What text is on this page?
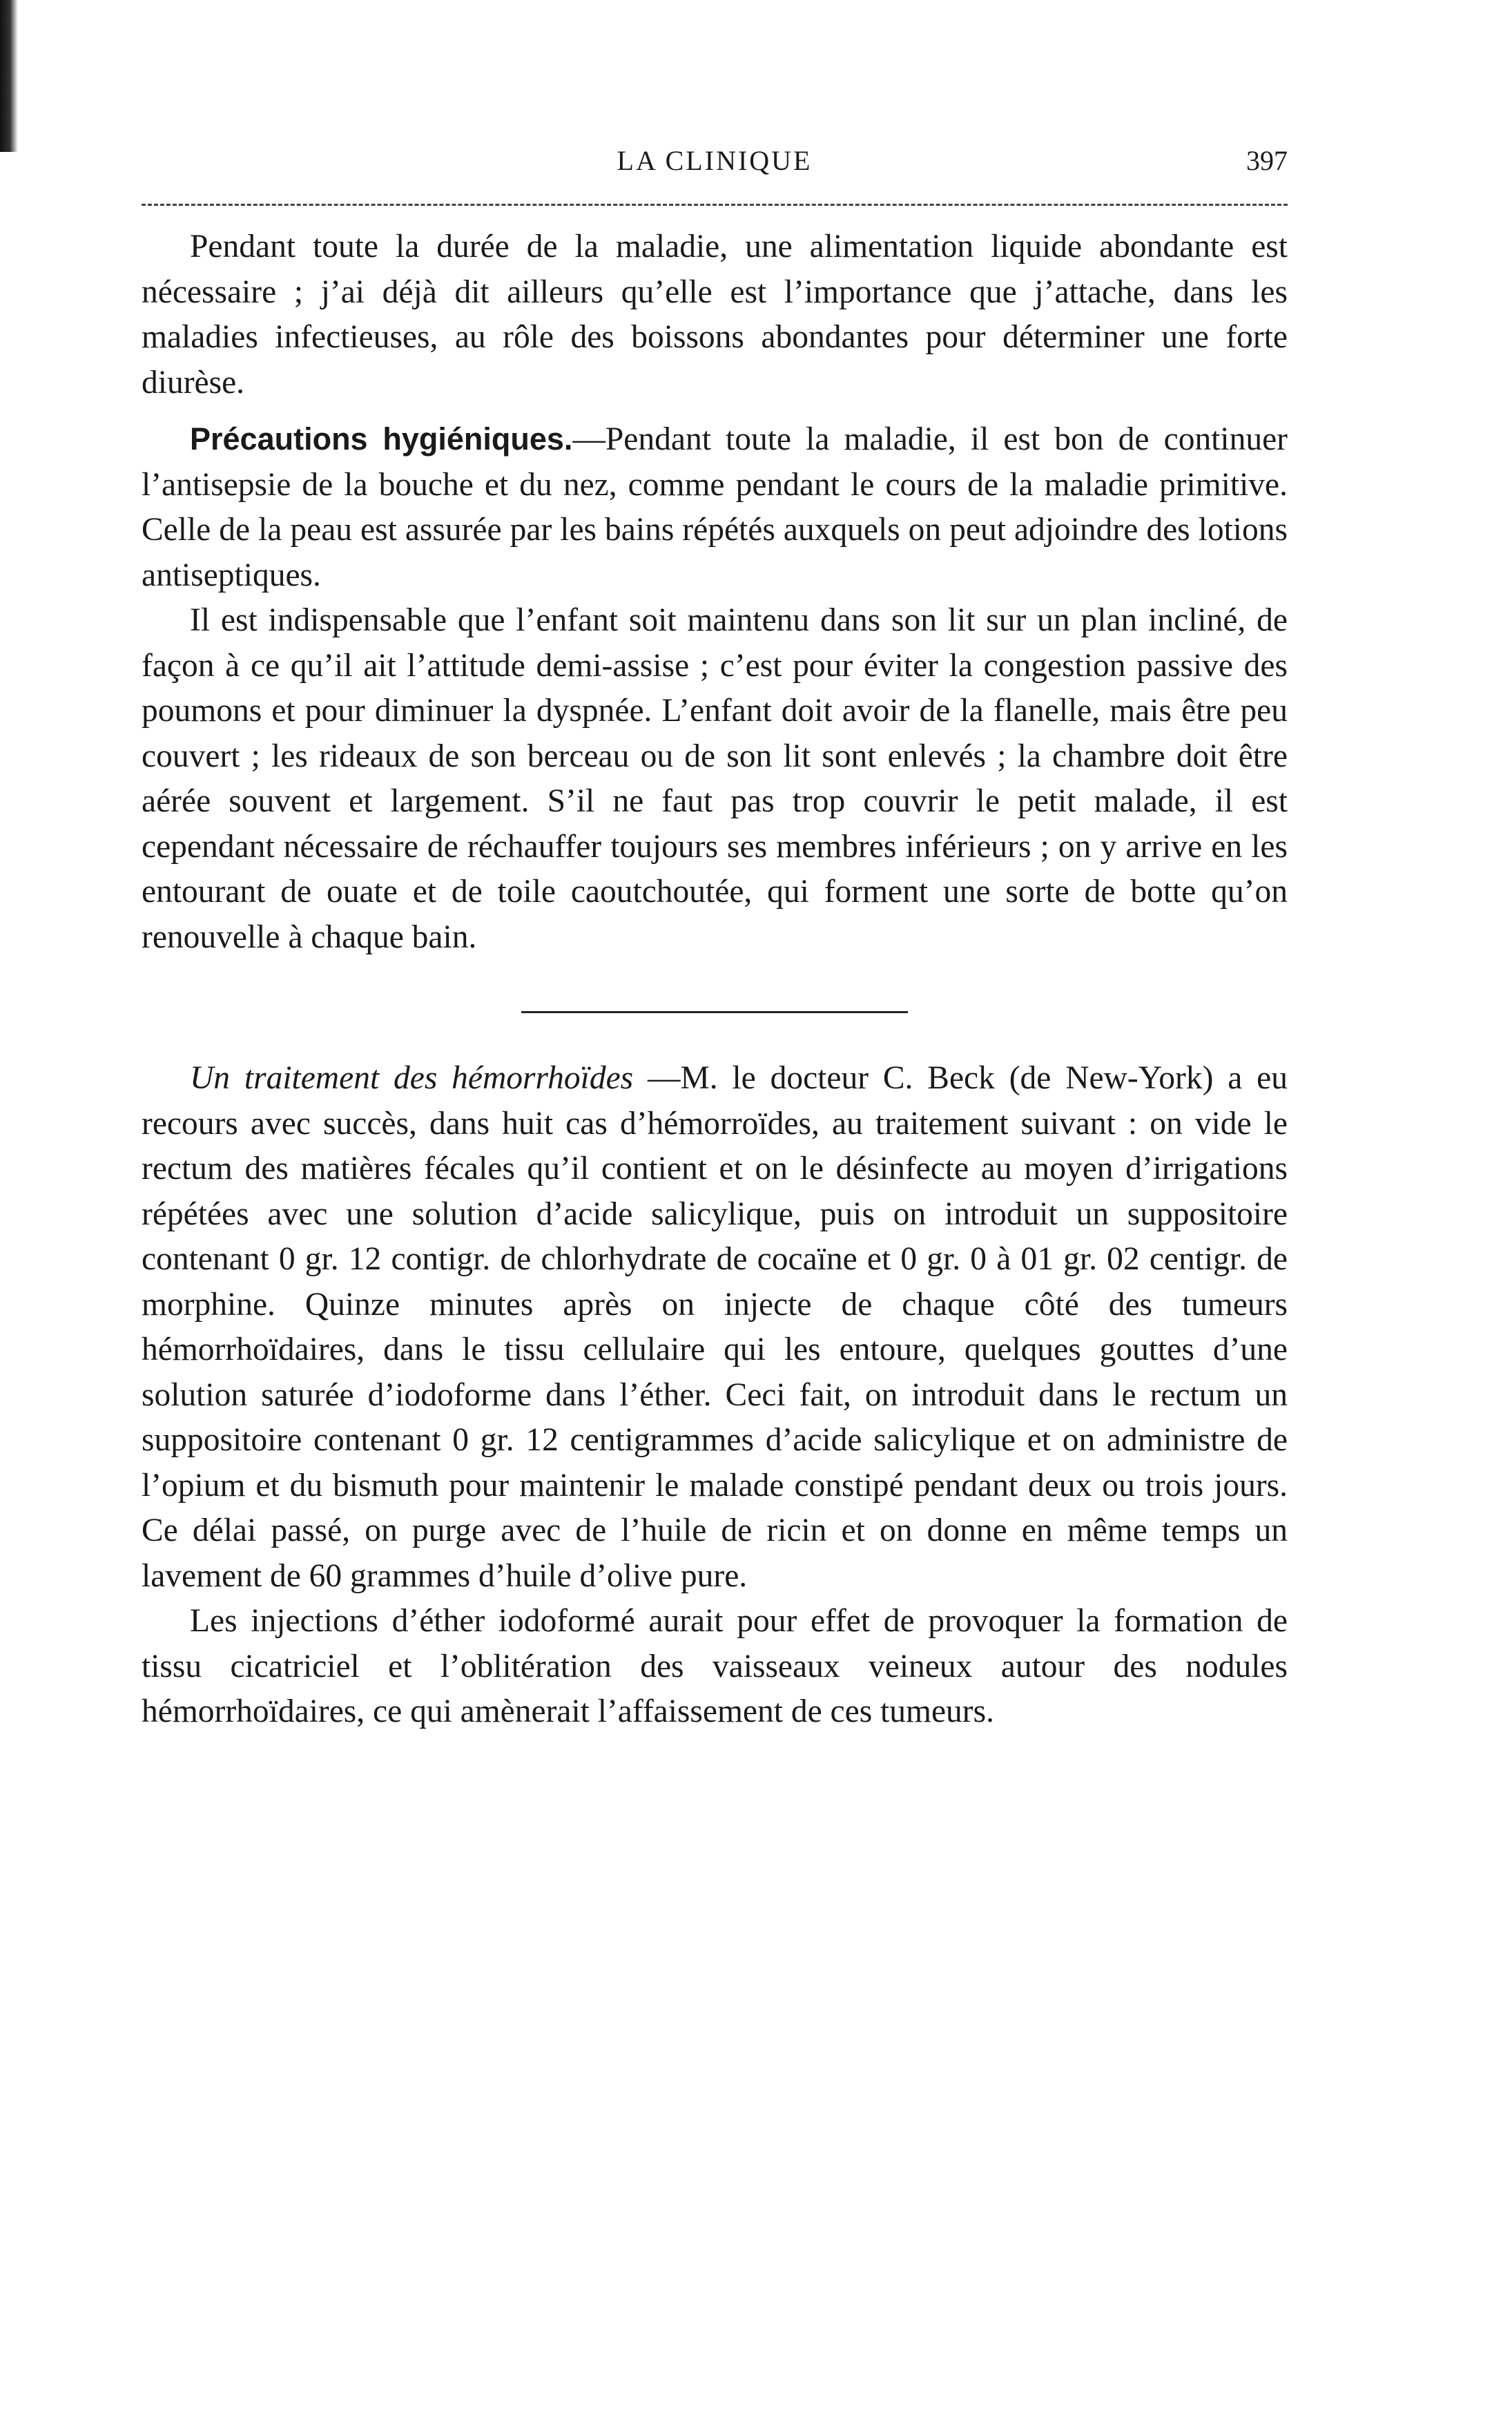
LA CLINIQUE	397

Pendant toute la durée de la maladie, une alimentation liquide abondante est nécessaire ; j’ai déjà dit ailleurs qu’elle est l’importance que j’attache, dans les maladies infectieuses, au rôle des boissons abondantes pour déterminer une forte diurèse.

Précautions hygiéniques.—Pendant toute la maladie, il est bon de continuer l’antisepsie de la bouche et du nez, comme pendant le cours de la maladie primitive. Celle de la peau est assurée par les bains répétés auxquels on peut adjoindre des lotions antiseptiques.

Il est indispensable que l’enfant soit maintenu dans son lit sur un plan incliné, de façon à ce qu’il ait l’attitude demi-assise ; c’est pour éviter la congestion passive des poumons et pour diminuer la dyspnée. L’enfant doit avoir de la flanelle, mais être peu couvert ; les rideaux de son berceau ou de son lit sont enlevés ; la chambre doit être aérée souvent et largement. S’il ne faut pas trop couvrir le petit malade, il est cependant nécessaire de réchauffer toujours ses membres inférieurs ; on y arrive en les entourant de ouate et de toile caoutchoutée, qui forment une sorte de botte qu’on renouvelle à chaque bain.

Un traitement des hémorrhoïdes —M. le docteur C. Beck (de New-York) a eu recours avec succès, dans huit cas d’hémorroïdes, au traitement suivant : on vide le rectum des matières fécales qu’il contient et on le désinfecte au moyen d’irrigations répétées avec une solution d’acide salicylique, puis on introduit un suppositoire contenant 0 gr. 12 contigr. de chlorhydrate de cocaïne et 0 gr. 0 à 01 gr. 02 centigr. de morphine. Quinze minutes après on injecte de chaque côté des tumeurs hémorrhoïdaires, dans le tissu cellulaire qui les entoure, quelques gouttes d’une solution saturée d’iodoforme dans l’éther. Ceci fait, on introduit dans le rectum un suppositoire contenant 0 gr. 12 centigrammes d’acide salicylique et on administre de l’opium et du bismuth pour maintenir le malade constipé pendant deux ou trois jours. Ce délai passé, on purge avec de l’huile de ricin et on donne en même temps un lavement de 60 grammes d’huile d’olive pure.

Les injections d’éther iodoformé aurait pour effet de provoquer la formation de tissu cicatriciel et l’oblitération des vaisseaux veineux autour des nodules hémorrhoïdaires, ce qui amènerait l’affaissement de ces tumeurs.
